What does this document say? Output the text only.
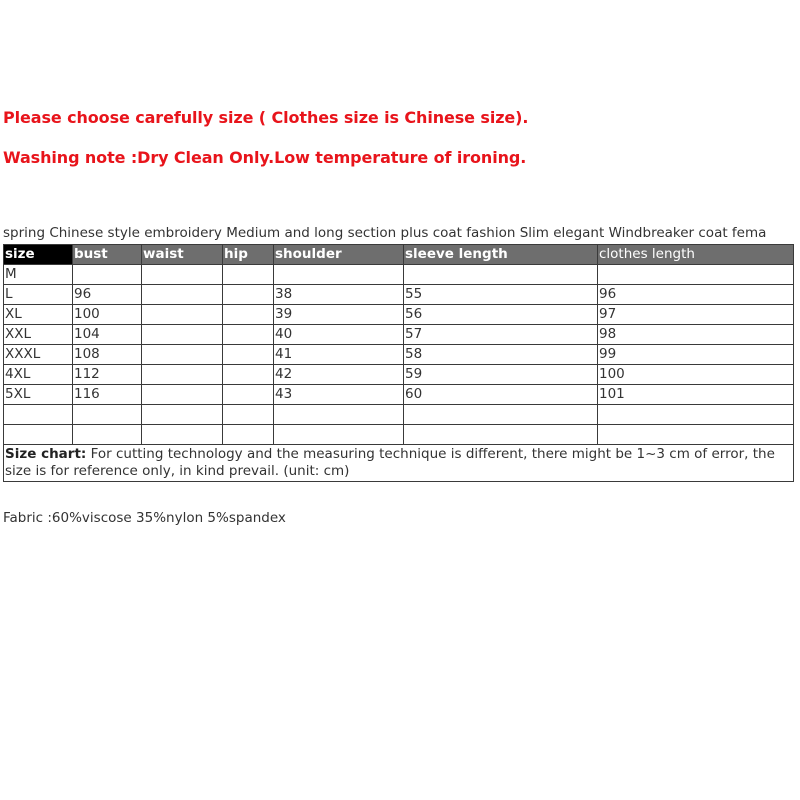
Please choose carefully size ( Clothes size is Chinese size).

Washing note :Dry Clean Only.Low temperature of ironing.

spring Chinese style embroidery Medium and long section plus coat fashion Slim elegant Windbreaker coat fema
size	bust	waist	hip	shoulder	sleeve length	clothes length
M						
L	96			38	55	96
XL	100			39	56	97
XXL	104			40	57	98
XXXL	108			41	58	99
4XL	112			42	59	100
5XL	116			43	60	101

Size chart: For cutting technology and the measuring technique is different, there might be 1~3 cm of error, the size is for reference only, in kind prevail. (unit: cm)						
Fabric :60%viscose 35%nylon 5%spandex
